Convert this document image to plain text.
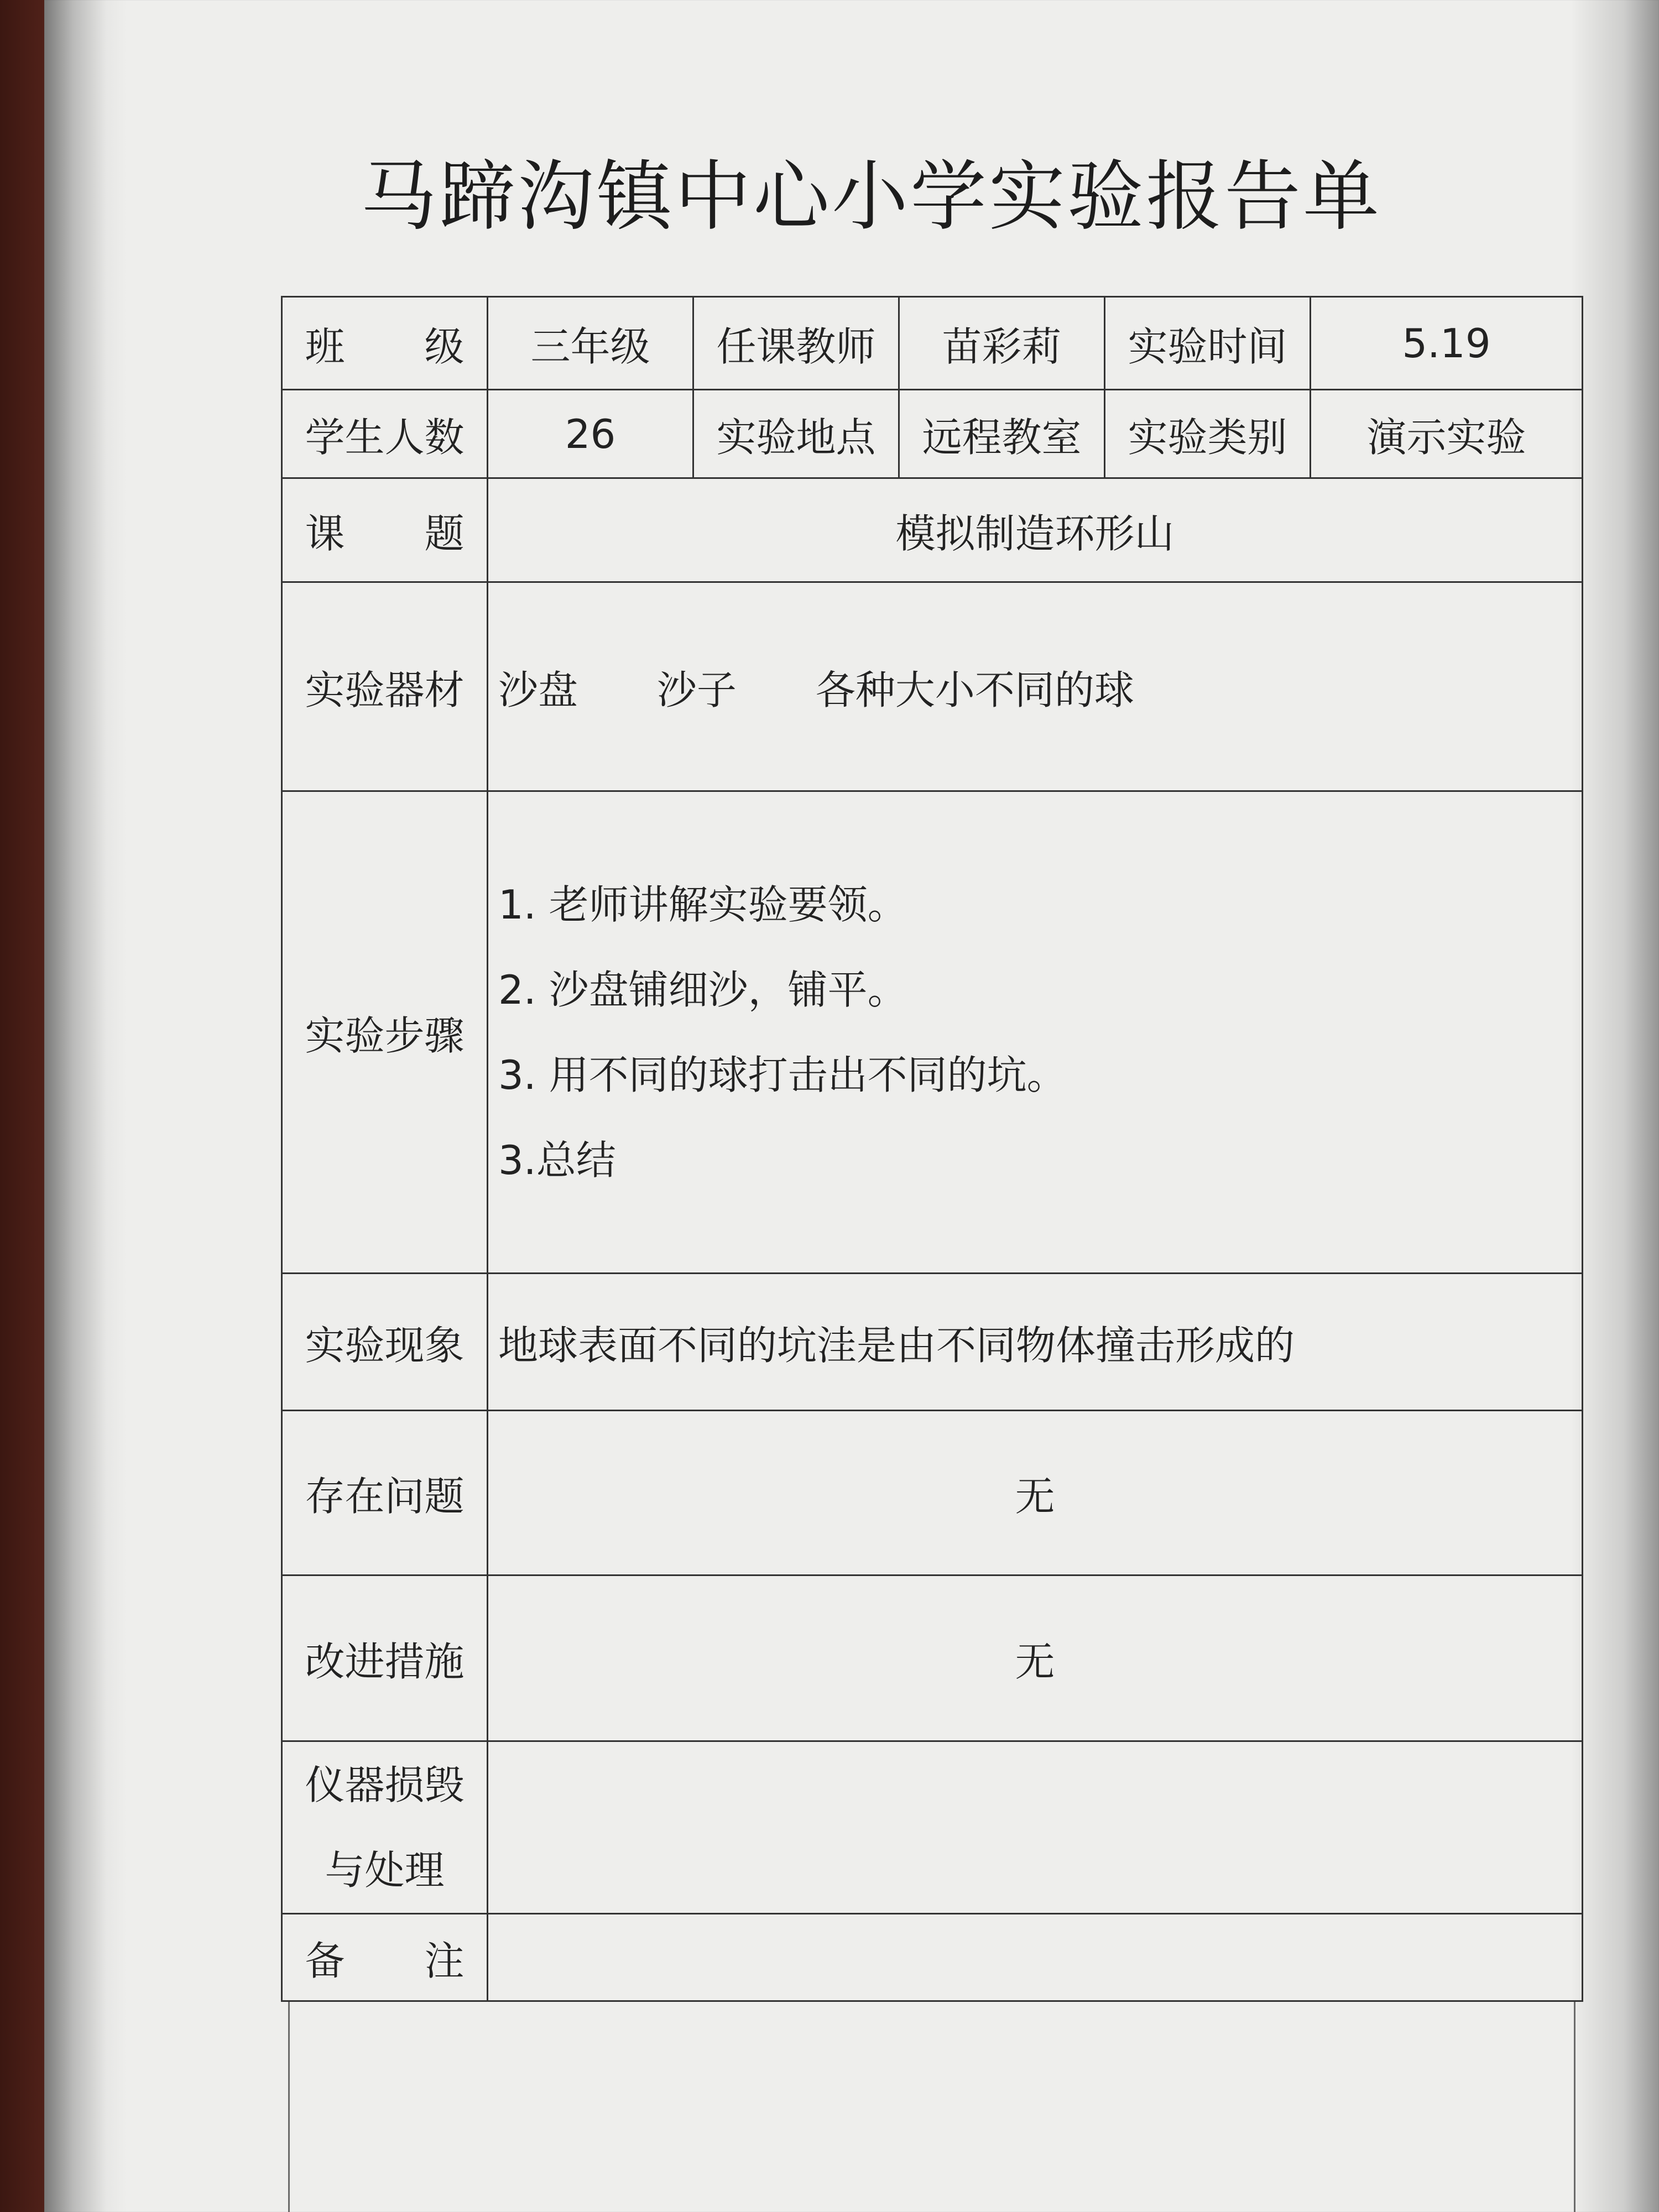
马蹄沟镇中心小学实验报告单
班　　级	三年级	任课教师	苗彩莉	实验时间	5.19
学生人数	26	实验地点	远程教室	实验类别	演示实验
课　　题	模拟制造环形山				
实验器材	沙盘 沙子 各种大小不同的球				
实验步骤	1. 老师讲解实验要领。
2. 沙盘铺细沙，铺平。
3. 用不同的球打击出不同的坑。
3.总结				

实验现象	地球表面不同的坑洼是由不同物体撞击形成的				
存在问题	无				
改进措施	无				
仪器损毁
与处理					
备　　注					
